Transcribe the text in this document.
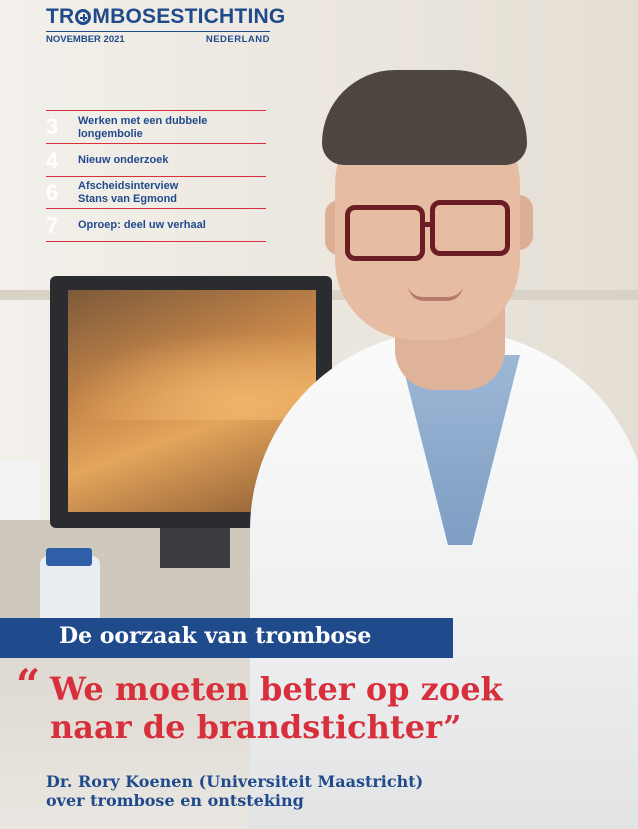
TR MBOSESTICHTING
NOVEMBER 2021	NEDERLAND
3 Werken met een dubbele
longembolie
4 Nieuw onderzoek
6 Afscheidsinterview
Stans van Egmond
7 Oproep: deel uw verhaal
De oorzaak van trombose
“ We moeten beter op zoek
naar de brandstichter”
Dr. Rory Koenen (Universiteit Maastricht)
over trombose en ontsteking
